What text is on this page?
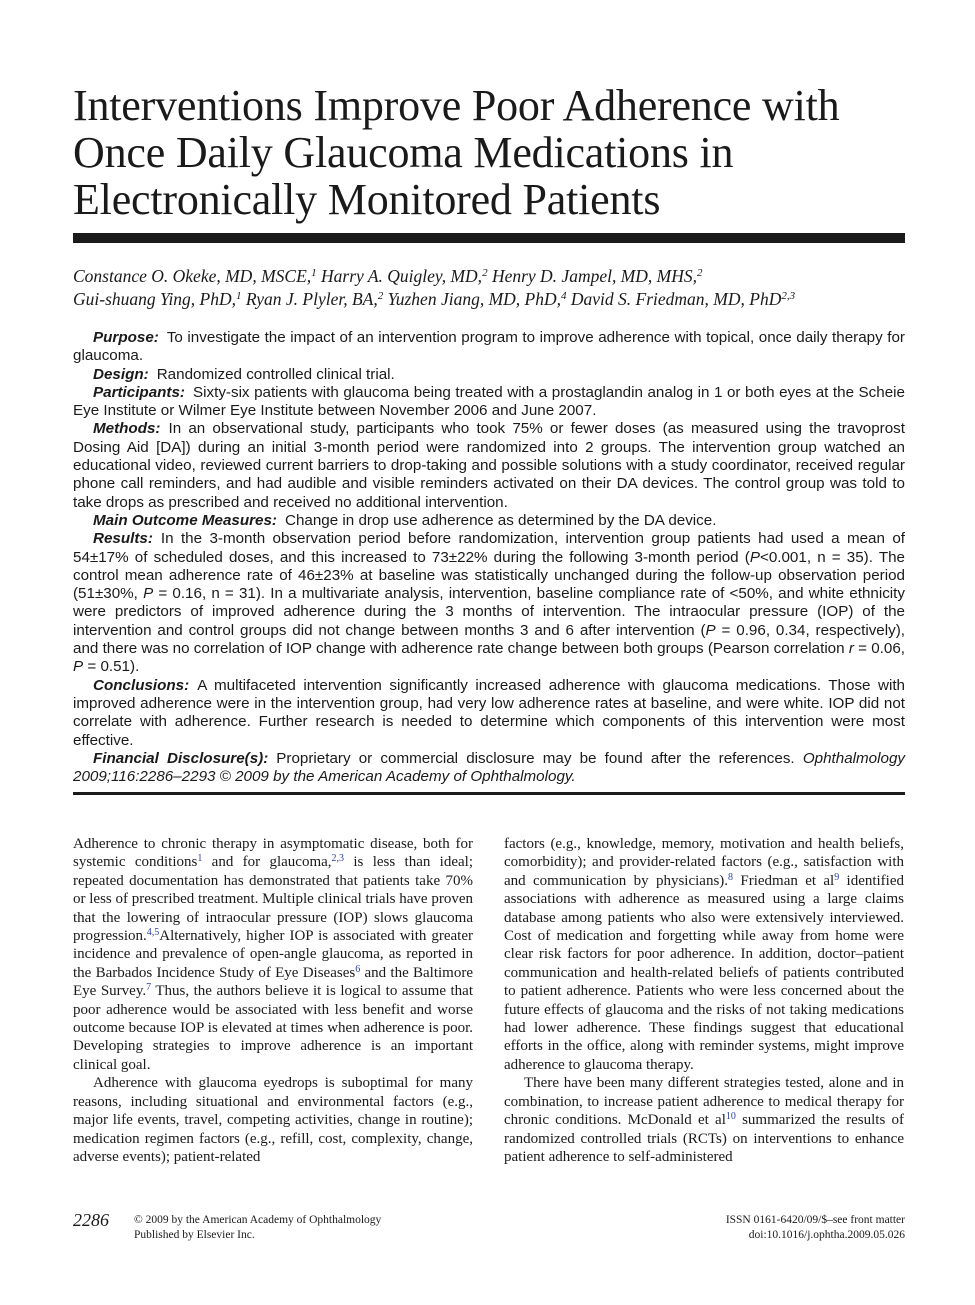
Interventions Improve Poor Adherence with
Once Daily Glaucoma Medications in
Electronically Monitored Patients
Constance O. Okeke, MD, MSCE,$^1$ Harry A. Quigley, MD,$^2$ Henry D. Jampel, MD, MHS,$^2$
Gui-shuang Ying, PhD,$^1$ Ryan J. Plyler, BA,$^2$ Yuzhen Jiang, MD, PhD,$^4$ David S. Friedman, MD, PhD$^{2,3}$

Purpose: To investigate the impact of an intervention program to improve adherence with topical, once daily therapy for glaucoma.

Design: Randomized controlled clinical trial.

Participants: Sixty-six patients with glaucoma being treated with a prostaglandin analog in 1 or both eyes at the Scheie Eye Institute or Wilmer Eye Institute between November 2006 and June 2007.

Methods: In an observational study, participants who took 75% or fewer doses (as measured using the travoprost Dosing Aid [DA]) during an initial 3-month period were randomized into 2 groups. The intervention group watched an educational video, reviewed current barriers to drop-taking and possible solutions with a study coordinator, received regular phone call reminders, and had audible and visible reminders activated on their DA devices. The control group was told to take drops as prescribed and received no additional intervention.

Main Outcome Measures: Change in drop use adherence as determined by the DA device.

Results: In the 3-month observation period before randomization, intervention group patients had used a mean of 54±17% of scheduled doses, and this increased to 73±22% during the following 3-month period (P<0.001, n = 35). The control mean adherence rate of 46±23% at baseline was statistically unchanged during the follow-up observation period (51±30%, P = 0.16, n = 31). In a multivariate analysis, intervention, baseline compliance rate of <50%, and white ethnicity were predictors of improved adherence during the 3 months of intervention. The intraocular pressure (IOP) of the intervention and control groups did not change between months 3 and 6 after intervention (P = 0.96, 0.34, respectively), and there was no correlation of IOP change with adherence rate change between both groups (Pearson correlation r = 0.06, P = 0.51).

Conclusions: A multifaceted intervention significantly increased adherence with glaucoma medications. Those with improved adherence were in the intervention group, had very low adherence rates at baseline, and were white. IOP did not correlate with adherence. Further research is needed to determine which components of this intervention were most effective.

Financial Disclosure(s): Proprietary or commercial disclosure may be found after the references. Ophthalmology 2009;116:2286–2293 © 2009 by the American Academy of Ophthalmology.

Adherence to chronic therapy in asymptomatic disease, both for systemic conditions$^1$ and for glaucoma,$^{2,3}$ is less than ideal; repeated documentation has demonstrated that patients take 70% or less of prescribed treatment. Multiple clinical trials have proven that the lowering of intraocular pressure (IOP) slows glaucoma progression.$^{4,5}$Alternatively, higher IOP is associated with greater incidence and prevalence of open-angle glaucoma, as reported in the Barbados Incidence Study of Eye Diseases$^6$ and the Baltimore Eye Survey.$^7$ Thus, the authors believe it is logical to assume that poor adherence would be associated with less benefit and worse outcome because IOP is elevated at times when adherence is poor. Developing strategies to improve adherence is an important clinical goal.

Adherence with glaucoma eyedrops is suboptimal for many reasons, including situational and environmental factors (e.g., major life events, travel, competing activities, change in routine); medication regimen factors (e.g., refill, cost, complexity, change, adverse events); patient-related

factors (e.g., knowledge, memory, motivation and health beliefs, comorbidity); and provider-related factors (e.g., satisfaction with and communication by physicians).$^8$ Friedman et $al^9$ identified associations with adherence as measured using a large claims database among patients who also were extensively interviewed. Cost of medication and forgetting while away from home were clear risk factors for poor adherence. In addition, doctor–patient communication and health-related beliefs of patients contributed to patient adherence. Patients who were less concerned about the future effects of glaucoma and the risks of not taking medications had lower adherence. These findings suggest that educational efforts in the office, along with reminder systems, might improve adherence to glaucoma therapy.

There have been many different strategies tested, alone and in combination, to increase patient adherence to medical therapy for chronic conditions. McDonald et $al^{10}$ summarized the results of randomized controlled trials (RCTs) on interventions to enhance patient adherence to self-administered

2286 © 2009 by the American Academy of Ophthalmology
Published by Elsevier Inc.
ISSN 0161-6420/09/$–see front matter
doi:10.1016/j.ophtha.2009.05.026
